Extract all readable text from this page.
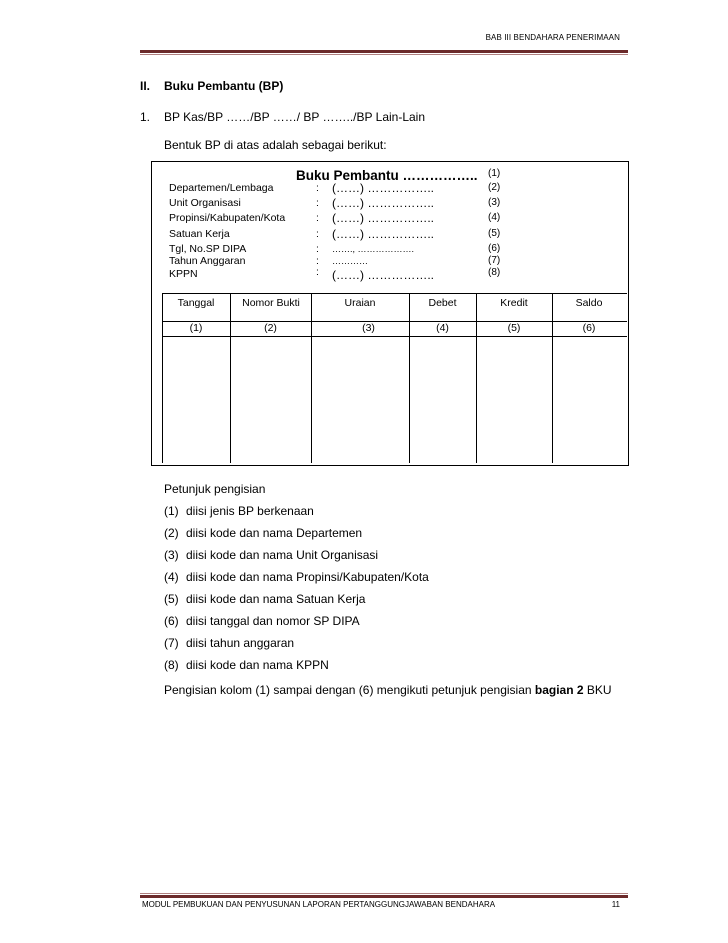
BAB III BENDAHARA PENERIMAAN
II. Buku Pembantu (BP)
1. BP Kas/BP ……/BP ……/ BP ……../BP Lain-Lain
Bentuk BP di atas adalah sebagai berikut:
Buku Pembantu …………….. (1)
Departemen/Lembaga	: (……) ……………..	(2)
Unit Organisasi	: (……) ……………..	(3)
Propinsi/Kabupaten/Kota	: (……) ……………..	(4)
Satuan Kerja	: (……) ……………..	(5)
Tgl, No.SP DIPA	: ……., ……………….	(6)
Tahun Anggaran	: …………	(7)
KPPN	: (……) ……………..	(8)
Tanggal	Nomor Bukti	Uraian	Debet	Kredit	Saldo
(1)	(2)	(3)	(4)	(5)	(6)
Petunjuk pengisian
(1) diisi jenis BP berkenaan
(2) diisi kode dan nama Departemen
(3) diisi kode dan nama Unit Organisasi
(4) diisi kode dan nama Propinsi/Kabupaten/Kota
(5) diisi kode dan nama Satuan Kerja
(6) diisi tanggal dan nomor SP DIPA
(7) diisi tahun anggaran
(8) diisi kode dan nama KPPN
Pengisian kolom (1) sampai dengan (6) mengikuti petunjuk pengisian bagian 2 BKU
MODUL PEMBUKUAN DAN PENYUSUNAN LAPORAN PERTANGGUNGJAWABAN BENDAHARA	11
